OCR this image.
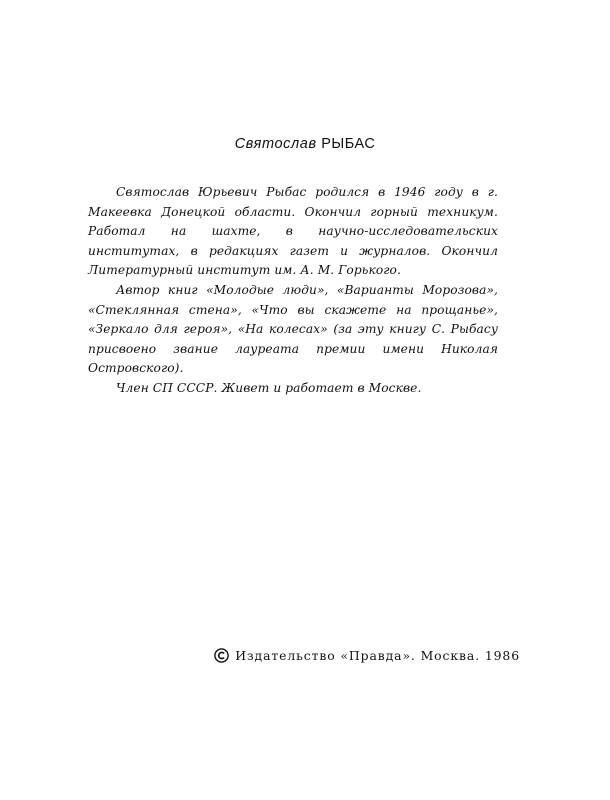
Святослав РЫБАС

Святослав Юрьевич Рыбас родился в 1946 году в г. Макеевка Донецкой области. Окончил горный техникум. Работал на шахте, в научно-исследовательских институтах, в редакциях газет и журналов. Окончил Литературный институт им. А. М. Горького.

Автор книг «Молодые люди», «Варианты Морозова», «Стеклянная стена», «Что вы скажете на прощанье», «Зеркало для героя», «На колесах» (за эту книгу С. Рыбасу присвоено звание лауреата премии имени Николая Островского).

Член СП СССР. Живет и работает в Москве.

Издательство «Правда». Москва. 1986
